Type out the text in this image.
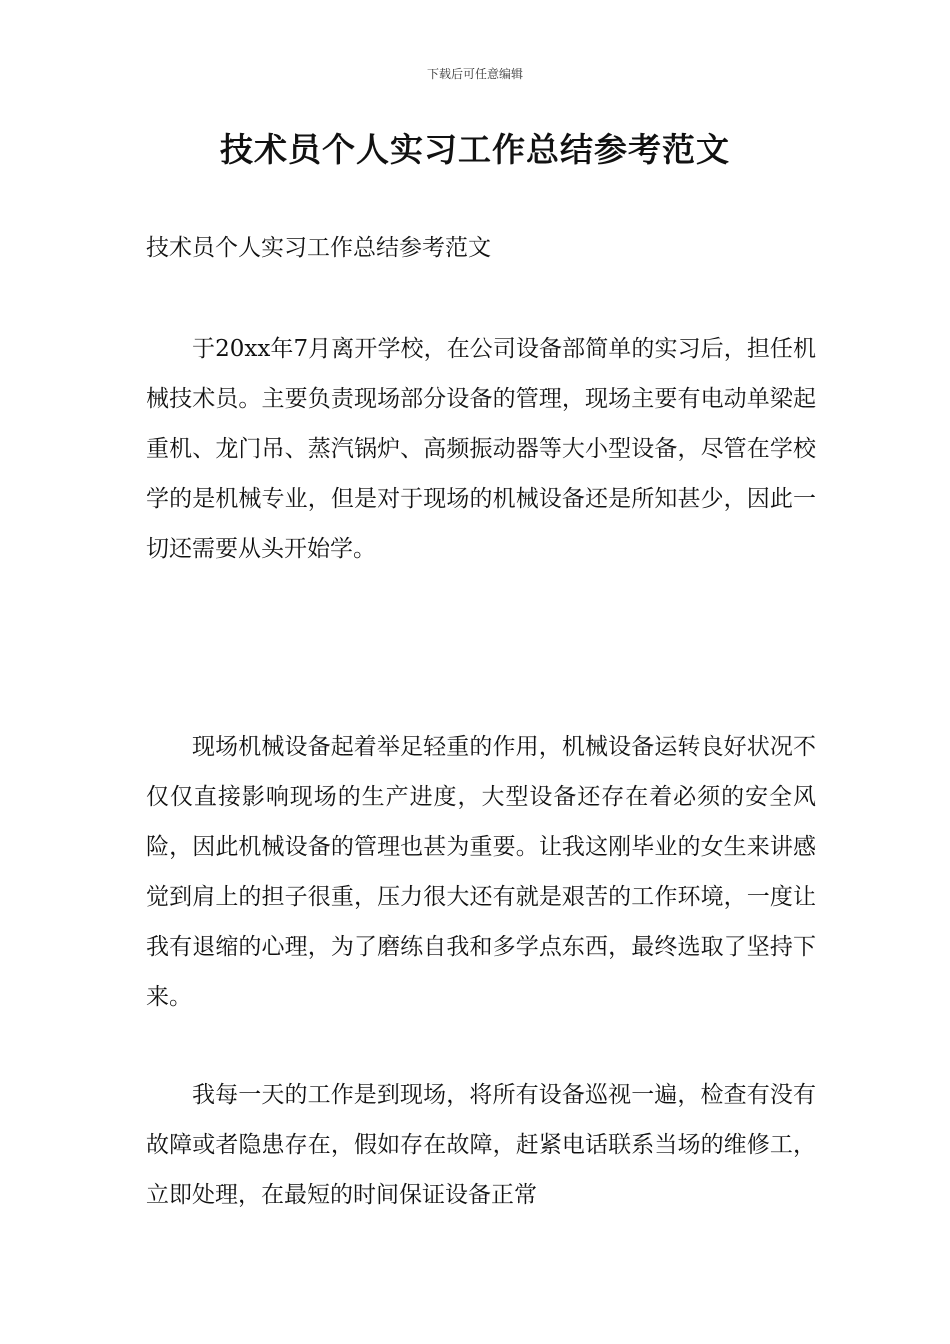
下载后可任意编辑
技术员个人实习工作总结参考范文
技术员个人实习工作总结参考范文

于20xx年7月离开学校，在公司设备部简单的实习后，担任机械技术员。主要负责现场部分设备的管理，现场主要有电动单梁起重机、龙门吊、蒸汽锅炉、高频振动器等大小型设备，尽管在学校学的是机械专业，但是对于现场的机械设备还是所知甚少，因此一切还需要从头开始学。

现场机械设备起着举足轻重的作用，机械设备运转良好状况不仅仅直接影响现场的生产进度，大型设备还存在着必须的安全风险，因此机械设备的管理也甚为重要。让我这刚毕业的女生来讲感觉到肩上的担子很重，压力很大还有就是艰苦的工作环境，一度让我有退缩的心理，为了磨练自我和多学点东西，最终选取了坚持下来。

我每一天的工作是到现场，将所有设备巡视一遍，检查有没有故障或者隐患存在，假如存在故障，赶紧电话联系当场的维修工，立即处理，在最短的时间保证设备正常
